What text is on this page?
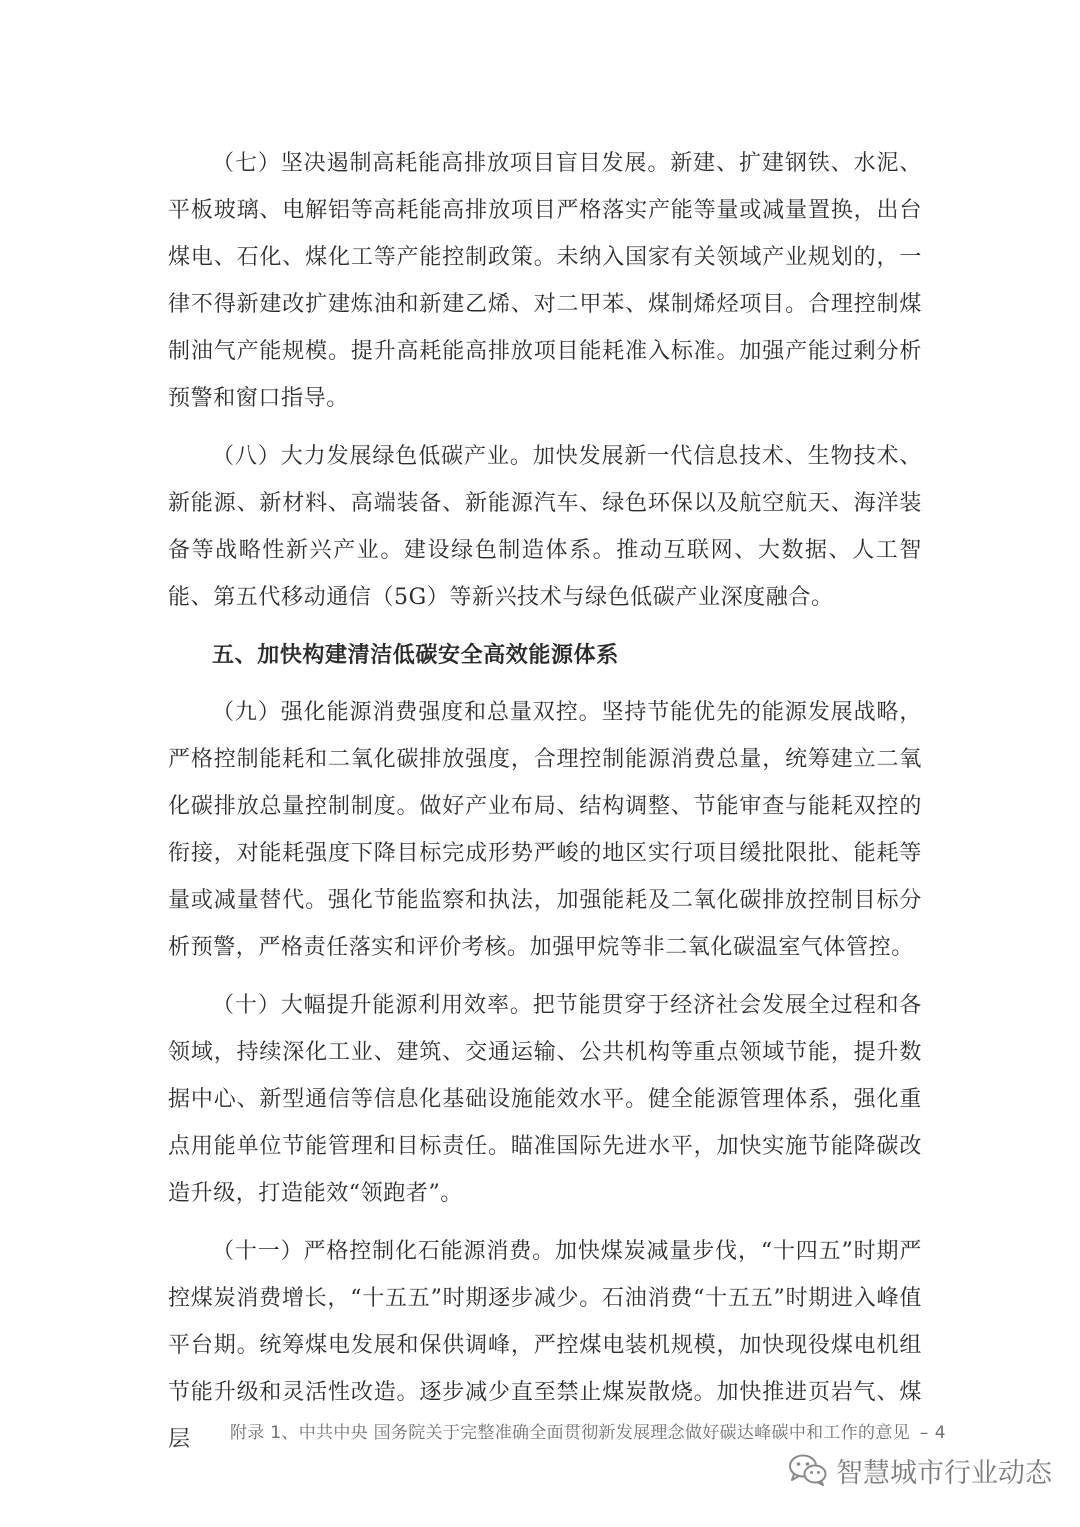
（七）坚决遏制高耗能高排放项目盲目发展。新建、扩建钢铁、水泥、平板玻璃、电解铝等高耗能高排放项目严格落实产能等量或减量置换，出台煤电、石化、煤化工等产能控制政策。未纳入国家有关领域产业规划的，一律不得新建改扩建炼油和新建乙烯、对二甲苯、煤制烯烃项目。合理控制煤制油气产能规模。提升高耗能高排放项目能耗准入标准。加强产能过剩分析预警和窗口指导。

（八）大力发展绿色低碳产业。加快发展新一代信息技术、生物技术、新能源、新材料、高端装备、新能源汽车、绿色环保以及航空航天、海洋装备等战略性新兴产业。建设绿色制造体系。推动互联网、大数据、人工智能、第五代移动通信（5G）等新兴技术与绿色低碳产业深度融合。

五、加快构建清洁低碳安全高效能源体系

（九）强化能源消费强度和总量双控。坚持节能优先的能源发展战略，严格控制能耗和二氧化碳排放强度，合理控制能源消费总量，统筹建立二氧化碳排放总量控制制度。做好产业布局、结构调整、节能审查与能耗双控的衔接，对能耗强度下降目标完成形势严峻的地区实行项目缓批限批、能耗等量或减量替代。强化节能监察和执法，加强能耗及二氧化碳排放控制目标分析预警，严格责任落实和评价考核。加强甲烷等非二氧化碳温室气体管控。

（十）大幅提升能源利用效率。把节能贯穿于经济社会发展全过程和各领域，持续深化工业、建筑、交通运输、公共机构等重点领域节能，提升数据中心、新型通信等信息化基础设施能效水平。健全能源管理体系，强化重点用能单位节能管理和目标责任。瞄准国际先进水平，加快实施节能降碳改造升级，打造能效“领跑者”。

（十一）严格控制化石能源消费。加快煤炭减量步伐，“十四五”时期严控煤炭消费增长，“十五五”时期逐步减少。石油消费“十五五”时期进入峰值平台期。统筹煤电发展和保供调峰，严控煤电装机规模，加快现役煤电机组节能升级和灵活性改造。逐步减少直至禁止煤炭散烧。加快推进页岩气、煤层	附录 1、中共中央 国务院关于完整准确全面贯彻新发展理念做好碳达峰碳中和工作的意见 – 4
智慧城市行业动态
